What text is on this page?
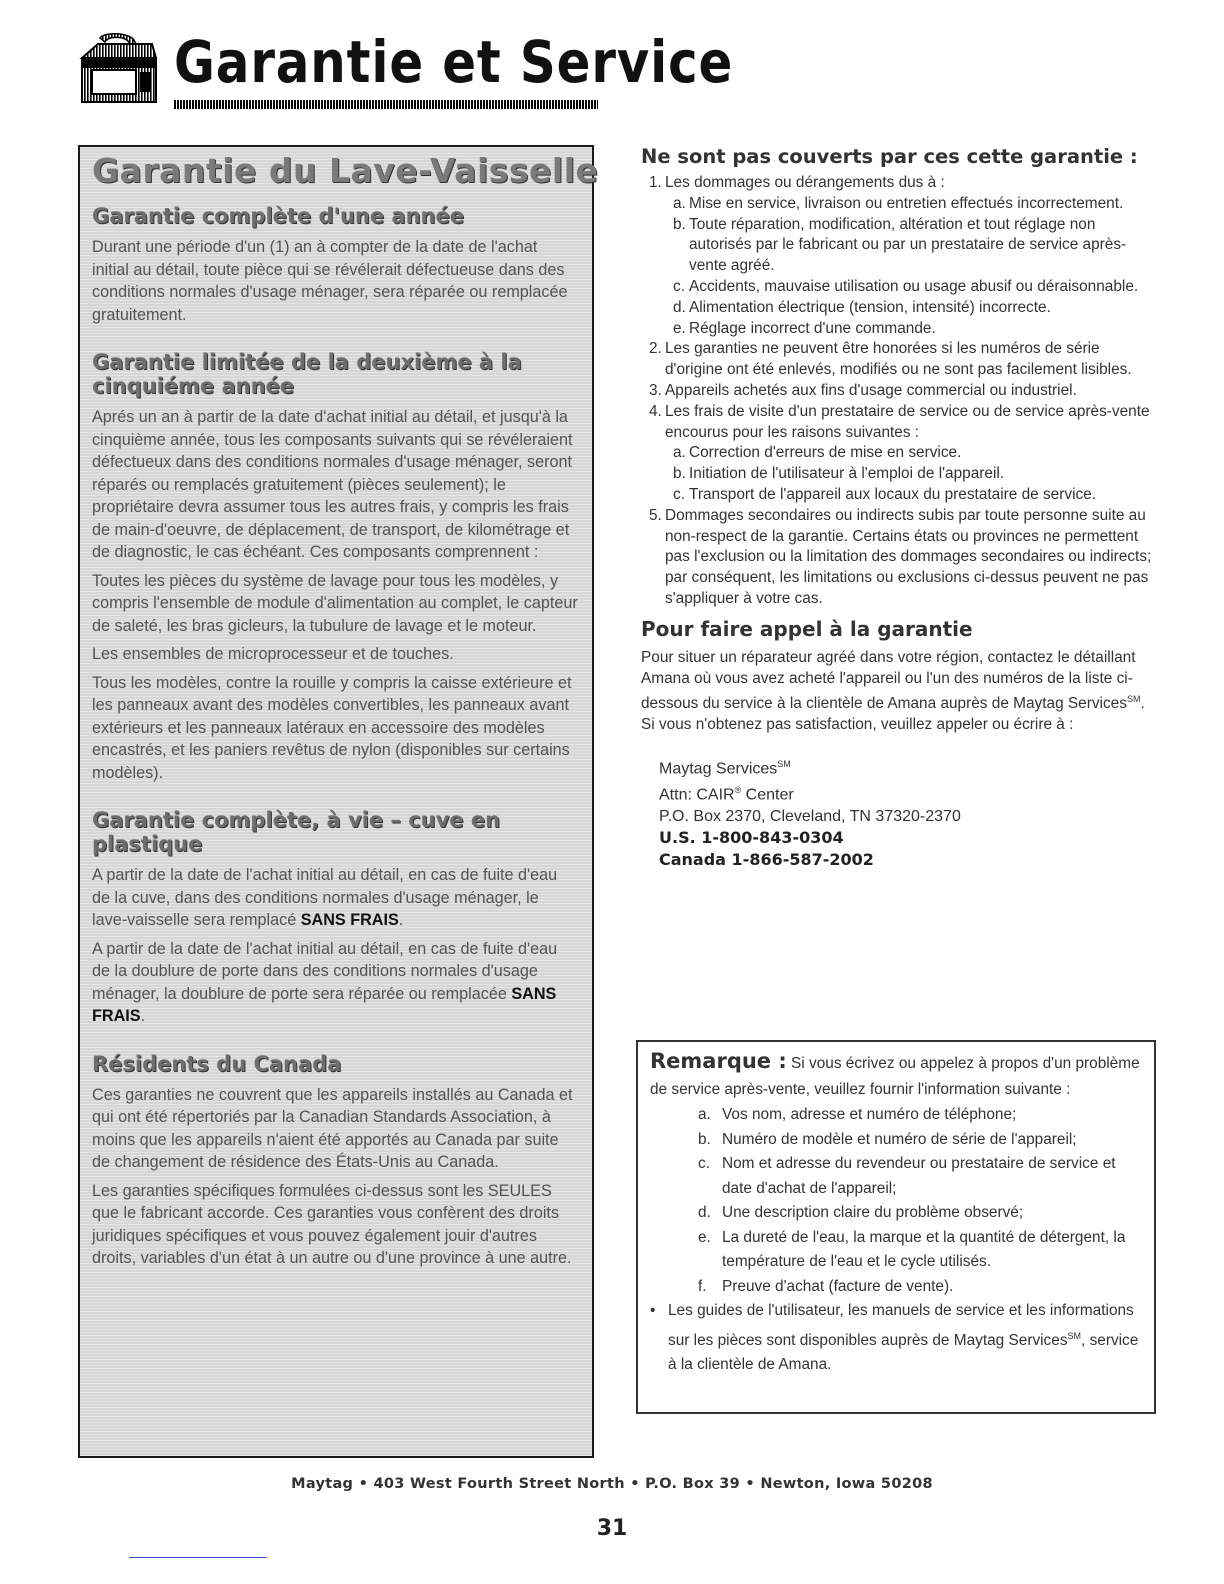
Garantie et Service
Garantie du Lave-Vaisselle
Garantie complète d'une année

Durant une période d'un (1) an à compter de la date de l'achat initial au détail, toute pièce qui se révélerait défectueuse dans des conditions normales d'usage ménager, sera réparée ou remplacée gratuitement.

Garantie limitée de la deuxième à la cinquiéme année

Aprés un an à partir de la date d'achat initial au détail, et jusqu'à la cinquième année, tous les composants suivants qui se révéleraient défectueux dans des conditions normales d'usage ménager, seront réparés ou remplacés gratuitement (pièces seulement); le propriétaire devra assumer tous les autres frais, y compris les frais de main-d'oeuvre, de déplacement, de transport, de kilométrage et de diagnostic, le cas échéant. Ces composants comprennent :

Toutes les pièces du système de lavage pour tous les modèles, y compris l'ensemble de module d'alimentation au complet, le capteur de saleté, les bras gicleurs, la tubulure de lavage et le moteur.

Les ensembles de microprocesseur et de touches.

Tous les modèles, contre la rouille y compris la caisse extérieure et les panneaux avant des modèles convertibles, les panneaux avant extérieurs et les panneaux latéraux en accessoire des modèles encastrés, et les paniers revêtus de nylon (disponibles sur certains modèles).

Garantie complète, à vie – cuve en plastique

A partir de la date de l'achat initial au détail, en cas de fuite d'eau de la cuve, dans des conditions normales d'usage ménager, le lave-vaisselle sera remplacé SANS FRAIS.

A partir de la date de l'achat initial au détail, en cas de fuite d'eau de la doublure de porte dans des conditions normales d'usage ménager, la doublure de porte sera réparée ou remplacée SANS FRAIS.

Résidents du Canada

Ces garanties ne couvrent que les appareils installés au Canada et qui ont été répertoriés par la Canadian Standards Association, à moins que les appareils n'aient été apportés au Canada par suite de changement de résidence des États-Unis au Canada.

Les garanties spécifiques formulées ci-dessus sont les SEULES que le fabricant accorde. Ces garanties vous confèrent des droits juridiques spécifiques et vous pouvez également jouir d'autres droits, variables d'un état à un autre ou d'une province à une autre.

Ne sont pas couverts par ces cette garantie :
1. Les dommages ou dérangements dus à :
a. Mise en service, livraison ou entretien effectués incorrectement.
b. Toute réparation, modification, altération et tout réglage non autorisés par le fabricant ou par un prestataire de service après-vente agréé.
c. Accidents, mauvaise utilisation ou usage abusif ou déraisonnable.
d. Alimentation électrique (tension, intensité) incorrecte.
e. Réglage incorrect d'une commande.
2. Les garanties ne peuvent être honorées si les numéros de série d'origine ont été enlevés, modifiés ou ne sont pas facilement lisibles.
3. Appareils achetés aux fins d'usage commercial ou industriel.
4. Les frais de visite d'un prestataire de service ou de service après-vente encourus pour les raisons suivantes :
a. Correction d'erreurs de mise en service.
b. Initiation de l'utilisateur à l'emploi de l'appareil.
c. Transport de l'appareil aux locaux du prestataire de service.
5. Dommages secondaires ou indirects subis par toute personne suite au non-respect de la garantie. Certains états ou provinces ne permettent pas l'exclusion ou la limitation des dommages secondaires ou indirects; par conséquent, les limitations ou exclusions ci-dessus peuvent ne pas s'appliquer à votre cas.
Pour faire appel à la garantie

Pour situer un réparateur agréé dans votre région, contactez le détaillant Amana où vous avez acheté l'appareil ou l'un des numéros de la liste ci-dessous du service à la clientèle de Amana auprès de Maytag Services℠. Si vous n'obtenez pas satisfaction, veuillez appeler ou écrire à :

Maytag Services℠
Attn: CAIR® Center
P.O. Box 2370, Cleveland, TN 37320-2370
U.S. 1-800-843-0304
Canada 1-866-587-2002

Remarque : Si vous écrivez ou appelez à propos d'un problème de service après-vente, veuillez fournir l'information suivante :

a. Vos nom, adresse et numéro de téléphone;
b. Numéro de modèle et numéro de série de l'appareil;
c. Nom et adresse du revendeur ou prestataire de service et date d'achat de l'appareil;
d. Une description claire du problème observé;
e. La dureté de l'eau, la marque et la quantité de détergent, la température de l'eau et le cycle utilisés.
f. Preuve d'achat (facture de vente).

• Les guides de l'utilisateur, les manuels de service et les informations sur les pièces sont disponibles auprès de Maytag Services℠, service à la clientèle de Amana.

Maytag • 403 West Fourth Street North • P.O. Box 39 • Newton, Iowa 50208
31
